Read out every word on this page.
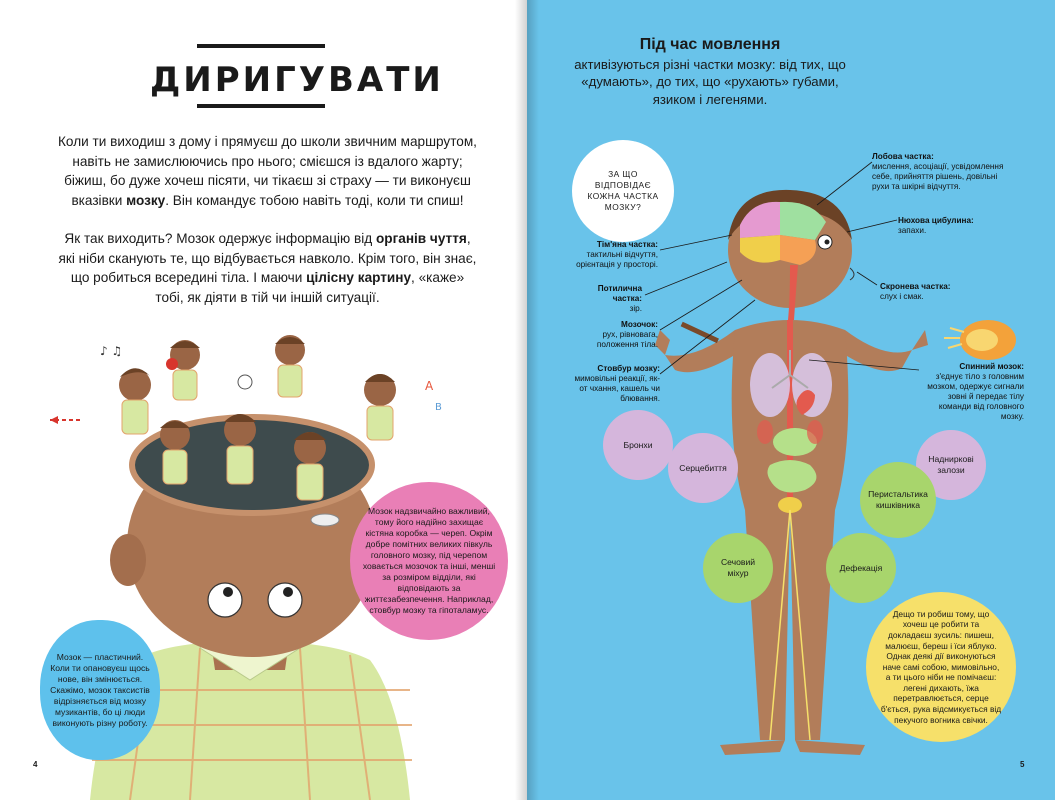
ДИРИГУВАТИ

Коли ти виходиш з дому і прямуєш до школи звичним маршрутом, навіть не замислюючись про нього; смієшся із вдалого жарту; біжиш, бо дуже хочеш пісяти, чи тікаєш зі страху — ти виконуєш вказівки мозку. Він командує тобою навіть тоді, коли ти спиш!

Як так виходить? Мозок одержує інформацію від органів чуття, які ніби сканують те, що відбувається навколо. Крім того, він знає, що робиться всередині тіла. І маючи цілісну картину, «каже» тобі, як діяти в тій чи іншій ситуації.

A
B
♪ ♫
Мозок надзвичайно важливий, тому його надійно захищає кістяна коробка — череп. Окрім добре помітних великих півкуль головного мозку, під черепом ховається мозочок та інші, менші за розміром відділи, які відповідають за життєзабезпечення. Наприклад, стовбур мозку та гіпоталамус.
Мозок — пластичний. Коли ти опановуєш щось нове, він змінюється. Скажімо, мозок таксистів відрізняється від мозку музикантів, бо ці люди виконують різну роботу.
4
Під час мовлення
активізуються різні частки мозку: від тих, що «думають», до тих, що «рухають» губами, язиком і легенями.
ЗА ЩО ВІДПОВІДАЄ КОЖНА ЧАСТКА МОЗКУ?
Лобова частка:
мислення, асоціації, усвідомлення себе, прийняття рішень, довільні рухи та шкірні відчуття.
Нюхова цибулина:
запахи.
Тім'яна частка:
тактильні відчуття, орієнтація у просторі.
Скронева частка:
слух і смак.
Потилична частка:
зір.
Мозочок:
рух, рівновага, положення тіла.
Стовбур мозку:
мимовільні реакції, як-от чхання, кашель чи блювання.
Спинний мозок:
з'єднує тіло з головним мозком, одержує сигнали зовні й передає тілу команди від головного мозку.
Бронхи
Серцебиття
Надниркові залози
Перистальтика кишківника
Сечовий міхур
Дефекація
Дещо ти робиш тому, що хочеш це робити та докладаєш зусиль: пишеш, малюєш, береш і їси яблуко. Однак деякі дії виконуються наче самі собою, мимовільно, а ти цього ніби не помічаєш: легені дихають, їжа перетравлюється, серце б'ється, рука відсмикується від пекучого вогника свічки.
5
